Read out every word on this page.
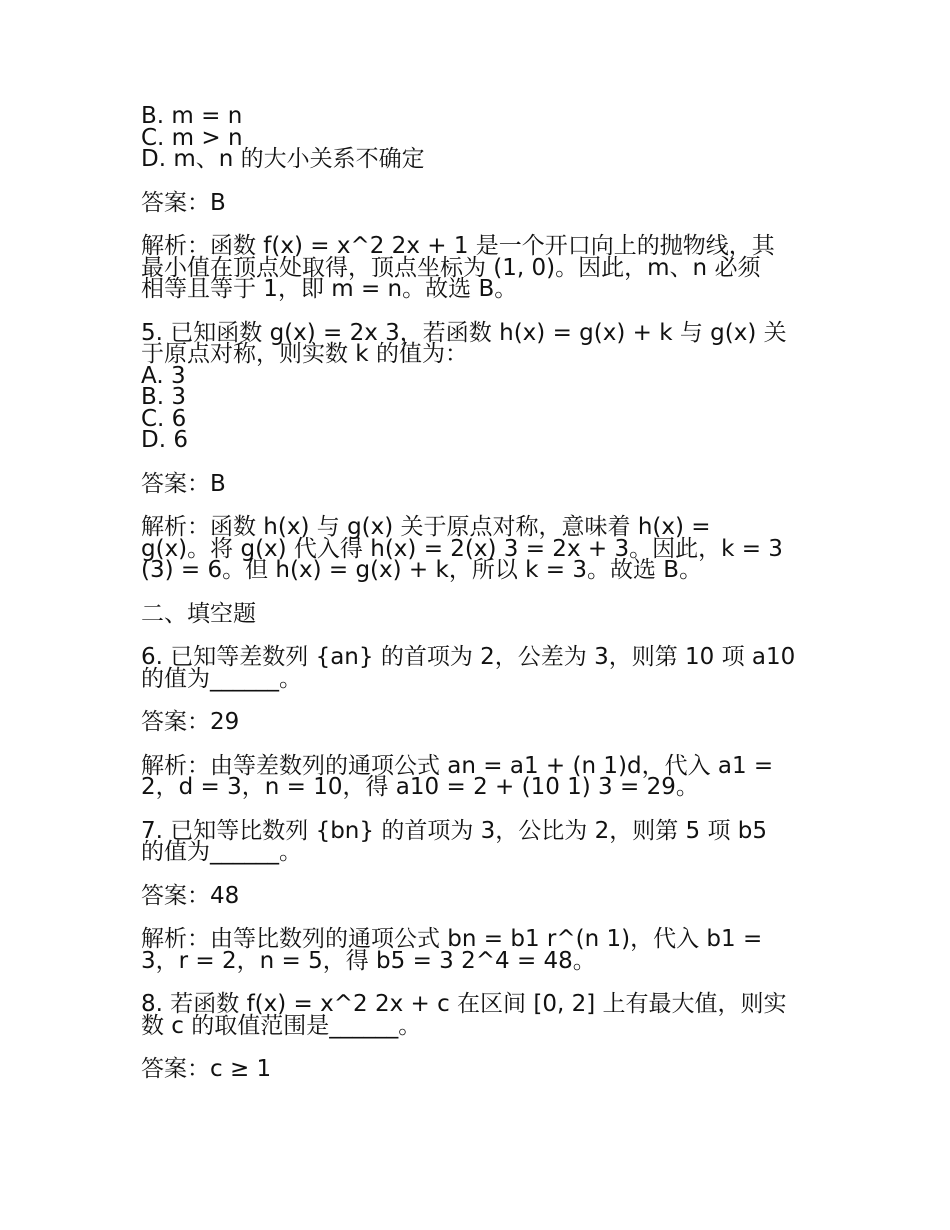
B. m = n
C. m > n
D. m、n 的大小关系不确定
答案：B
解析：函数 f(x) = x^2 2x + 1 是一个开口向上的抛物线，其
最小值在顶点处取得，顶点坐标为 (1, 0)。因此，m、n 必须
相等且等于 1，即 m = n。故选 B。
5. 已知函数 g(x) = 2x 3，若函数 h(x) = g(x) + k 与 g(x) 关
于原点对称，则实数 k 的值为：
A. 3
B. 3
C. 6
D. 6
答案：B
解析：函数 h(x) 与 g(x) 关于原点对称，意味着 h(x) =
g(x)。将 g(x) 代入得 h(x) = 2(x) 3 = 2x + 3。因此，k = 3
(3) = 6。但 h(x) = g(x) + k，所以 k = 3。故选 B。
二、填空题
6. 已知等差数列 {an} 的首项为 2，公差为 3，则第 10 项 a10
的值为______。
答案：29
解析：由等差数列的通项公式 an = a1 + (n 1)d，代入 a1 =
2，d = 3，n = 10，得 a10 = 2 + (10 1) 3 = 29。
7. 已知等比数列 {bn} 的首项为 3，公比为 2，则第 5 项 b5
的值为______。
答案：48
解析：由等比数列的通项公式 bn = b1 r^(n 1)，代入 b1 =
3，r = 2，n = 5，得 b5 = 3 2^4 = 48。
8. 若函数 f(x) = x^2 2x + c 在区间 [0, 2] 上有最大值，则实
数 c 的取值范围是______。
答案：c ≥ 1
